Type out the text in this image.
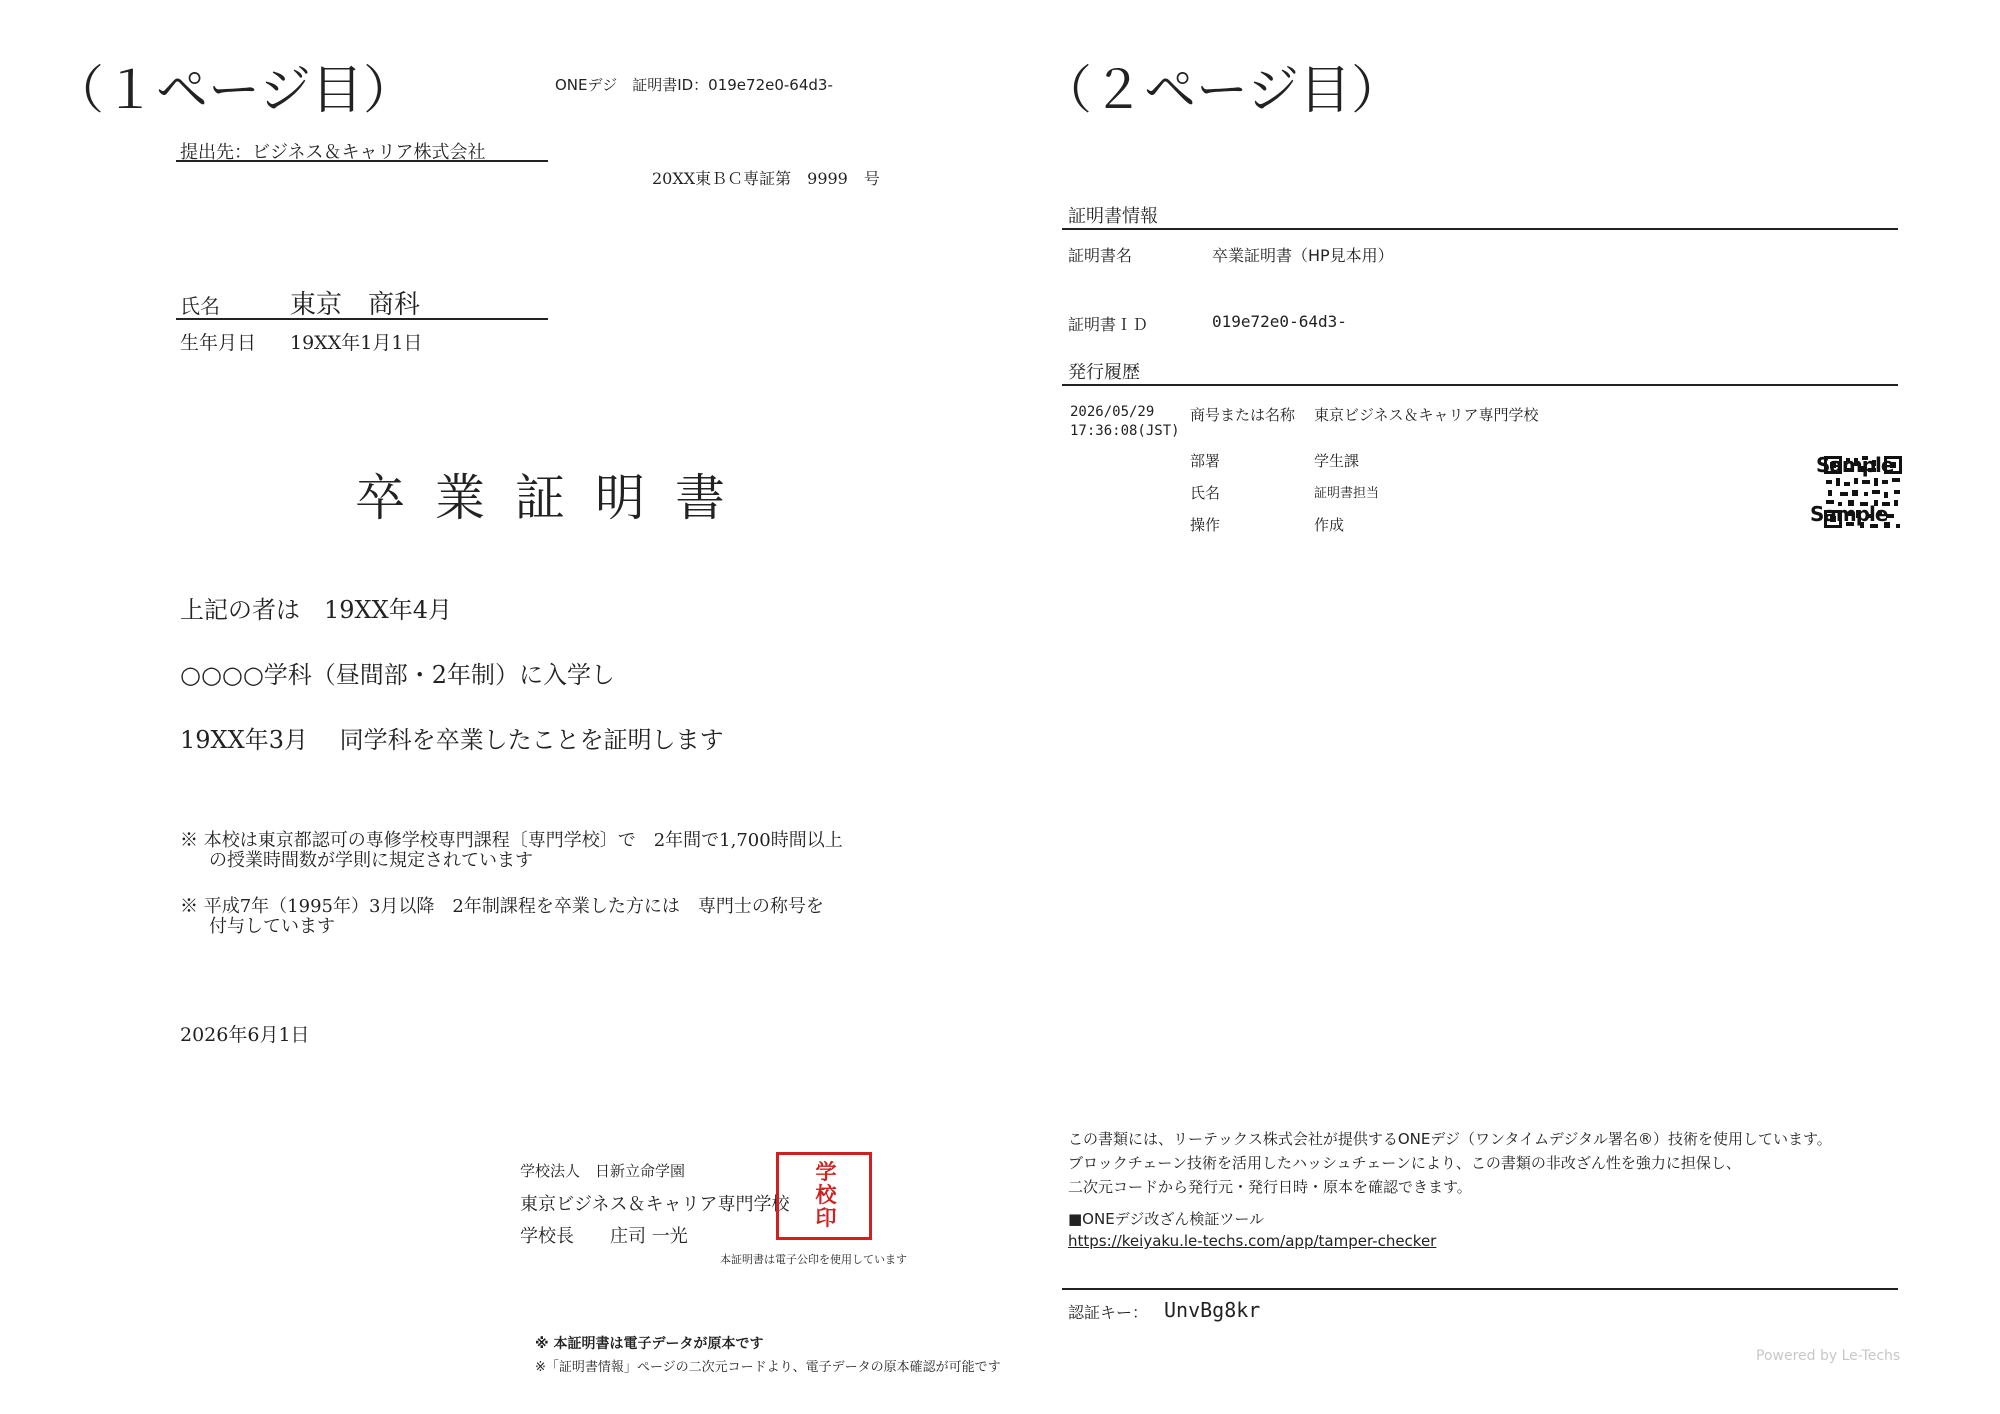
（１ページ目）	ONEデジ　証明書ID：019e72e0-64d3-
提出先：ビジネス＆キャリア株式会社
20XX東ＢＣ専証第　9999　号
氏名	東京　商科
生年月日 19XX年1月1日
卒業証明書
上記の者は　19XX年4月
○○○○学科（昼間部・2年制）に入学し
19XX年3月　 同学科を卒業したことを証明します
※ 本校は東京都認可の専修学校専門課程〔専門学校〕で　2年間で1,700時間以上
の授業時間数が学則に規定されています
※ 平成7年（1995年）3月以降　2年制課程を卒業した方には　専門士の称号を
付与しています
2026年6月1日
学校法人　日新立命学園
東京ビジネス＆キャリア専門学校
学校長　　庄司 一光
学校印
本証明書は電子公印を使用しています
※ 本証明書は電子データが原本です
※「証明書情報」ページの二次元コードより、電子データの原本確認が可能です
（２ページ目）
証明書情報
証明書名	卒業証明書（HP見本用）
証明書ＩＤ	019e72e0-64d3-
発行履歴
2026/05/29
17:36:08(JST)
商号または名称 東京ビジネス＆キャリア専門学校
部署	学生課
氏名	証明書担当
操作	作成
Sample
Sample
この書類には、リーテックス株式会社が提供するONEデジ（ワンタイムデジタル署名®）技術を使用しています。
ブロックチェーン技術を活用したハッシュチェーンにより、この書類の非改ざん性を強力に担保し、
二次元コードから発行元・発行日時・原本を確認できます。
■ONEデジ改ざん検証ツール
https://keiyaku.le-techs.com/app/tamper-checker
認証キー： UnvBg8kr
Powered by Le-Techs
